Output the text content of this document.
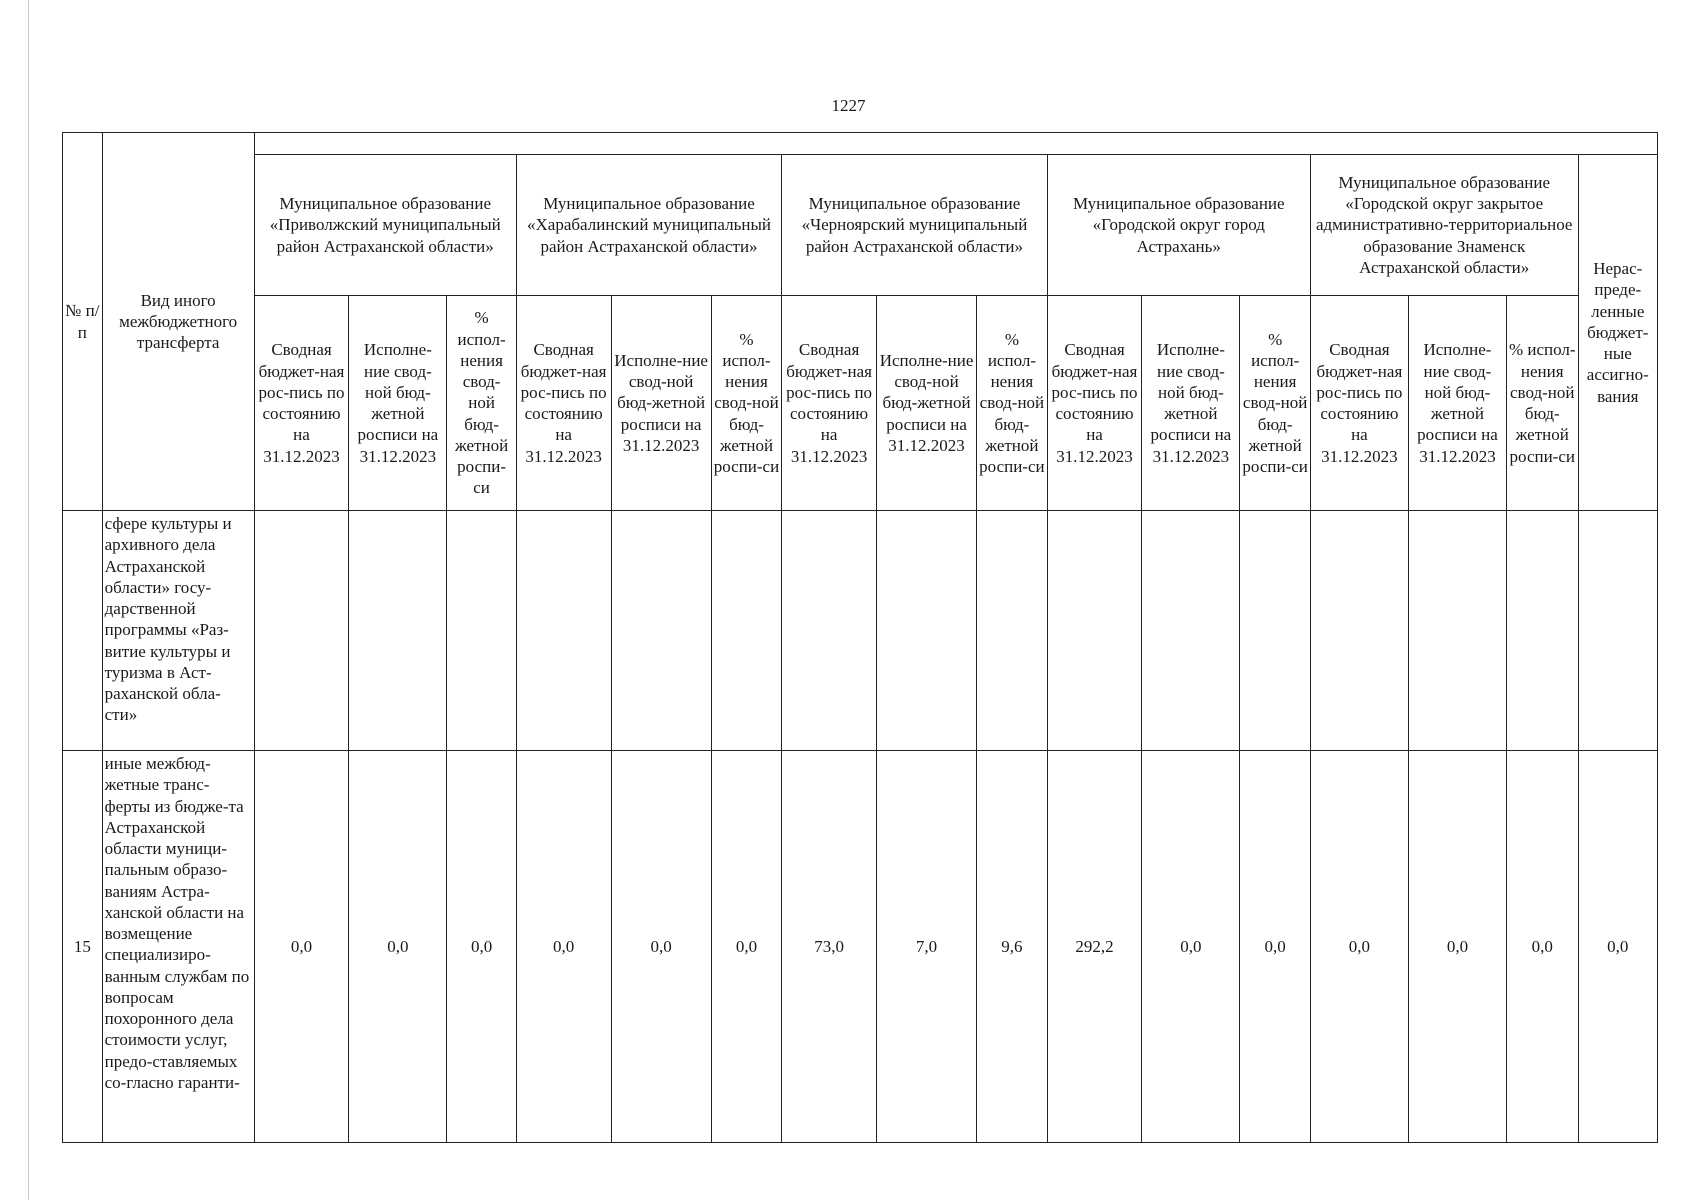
1227
№ п/п	Вид иного межбюджетного трансферта																
		Муниципальное образование «Приволжский муниципальный район Астраханской области»			Муниципальное образование «Харабалинский муниципальный район Астраханской области»			Муниципальное образование «Черноярский муниципальный район Астраханской области»			Муниципальное образование «Городской округ город Астрахань»			Муниципальное образование «Городской округ закрытое административно-территориальное образование Знаменск Астраханской области»			Нерас-преде-ленные бюджет-ные ассигно-вания
		Сводная бюджет-ная рос-пись по состоянию на 31.12.2023	Исполне-ние свод-ной бюд-жетной росписи на 31.12.2023	% испол-нения свод-ной бюд-жетной роспи-си	Сводная бюджет-ная рос-пись по состоянию на 31.12.2023	Исполне-ние свод-ной бюд-жетной росписи на 31.12.2023	% испол-нения свод-ной бюд-жетной роспи-си	Сводная бюджет-ная рос-пись по состоянию на 31.12.2023	Исполне-ние свод-ной бюд-жетной росписи на 31.12.2023	% испол-нения свод-ной бюд-жетной роспи-си	Сводная бюджет-ная рос-пись по состоянию на 31.12.2023	Исполне-ние свод-ной бюд-жетной росписи на 31.12.2023	% испол-нения свод-ной бюд-жетной роспи-си	Сводная бюджет-ная рос-пись по состоянию на 31.12.2023	Исполне-ние свод-ной бюд-жетной росписи на 31.12.2023	% испол-нения свод-ной бюд-жетной роспи-си	
	сфере культуры и архивного дела Астраханской области» госу-дарственной программы «Раз-витие культуры и туризма в Аст-раханской обла-сти»																
15	иные межбюд-жетные транс-ферты из бюдже-та Астраханской области муници-пальным образо-ваниям Астра-ханской области на возмещение специализиро-ванным службам по вопросам похоронного дела стоимости услуг, предо-ставляемых со-гласно гаранти-	0,0	0,0	0,0	0,0	0,0	0,0	73,0	7,0	9,6	292,2	0,0	0,0	0,0	0,0	0,0	0,0
